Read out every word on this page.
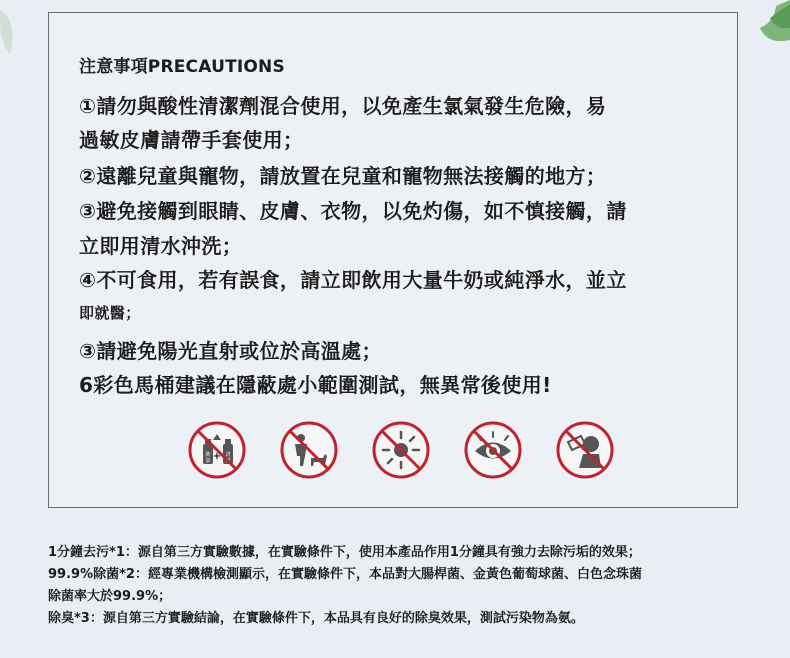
注意事項PRECAUTIONS
①請勿與酸性清潔劑混合使用，以免產生氯氣發生危險，易
過敏皮膚請帶手套使用；
②遠離兒童與寵物，請放置在兒童和寵物無法接觸的地方；
③避免接觸到眼睛、皮膚、衣物，以免灼傷，如不慎接觸，請
立即用清水沖洗；
④不可食用，若有誤食，請立即飲用大量牛奶或純淨水，並立
即就醫；
③請避免陽光直射或位於高溫處；
6彩色馬桶建議在隱蔽處小範圍測試，無異常後使用!
+
酸
氯
清
1分鐘去污*1：源自第三方實驗數據，在實驗條件下，使用本產品作用1分鐘具有強力去除污垢的效果；
99.9%除菌*2：經專業機構檢測顯示，在實驗條件下，本品對大腸桿菌、金黃色葡萄球菌、白色念珠菌
除菌率大於99.9%；
除臭*3：源自第三方實驗結論，在實驗條件下，本品具有良好的除臭效果，測試污染物為氨。
